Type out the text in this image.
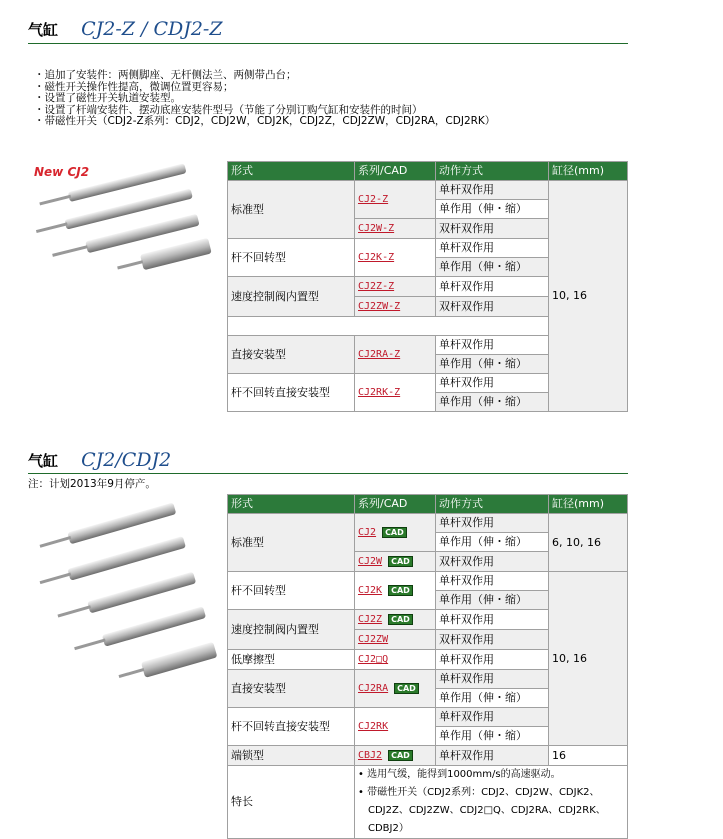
气缸 CJ2-Z / CDJ2-Z
・ 追加了安装件：两侧脚座、无杆侧法兰、两侧带凸台；
・ 磁性开关操作性提高，微调位置更容易；
・ 设置了磁性开关轨道安装型。
・ 设置了杆端安装件、摆动底座安装件型号（节能了分别订购气缸和安装件的时间）
・ 带磁性开关（CDJ2-Z系列：CDJ2，CDJ2W，CDJ2K，CDJ2Z，CDJ2ZW，CDJ2RA，CDJ2RK）
New CJ2	形式	系列/CAD	动作方式	缸径(mm)
标准型	CJ2-Z	单杆双作用	10, 16
		单作用（伸・缩）	
	CJ2W-Z	双杆双作用	
杆不回转型	CJ2K-Z	单杆双作用	
		单作用（伸・缩）	
速度控制阀内置型	CJ2Z-Z	单杆双作用	
	CJ2ZW-Z	双杆双作用	

直接安装型	CJ2RA-Z	单杆双作用	
		单作用（伸・缩）	
杆不回转直接安装型	CJ2RK-Z	单杆双作用	
		单作用（伸・缩）	
气缸 CJ2/CDJ2
注：计划2013年9月停产。
形式	系列/CAD	动作方式	缸径(mm)
标准型	CJ2 CAD	单杆双作用	6, 10, 16
		单作用（伸・缩）	
	CJ2W CAD	双杆双作用	
杆不回转型	CJ2K CAD	单杆双作用	10, 16
		单作用（伸・缩）	
速度控制阀内置型	CJ2Z CAD	单杆双作用	
	CJ2ZW	双杆双作用	
低摩擦型	CJ2□Q	单杆双作用	
直接安装型	CJ2RA CAD	单杆双作用	
		单作用（伸・缩）	
杆不回转直接安装型	CJ2RK	单杆双作用	
		单作用（伸・缩）	
端锁型	CBJ2 CAD	单杆双作用	16
特长	• 选用气缓，能得到1000mm/s的高速驱动。
• 带磁性开关（CDJ2系列：CDJ2、CDJ2W、CDJK2、
CDJ2Z、CDJ2ZW、CDJ2□Q、CDJ2RA、CDJ2RK、
CDBJ2）		
